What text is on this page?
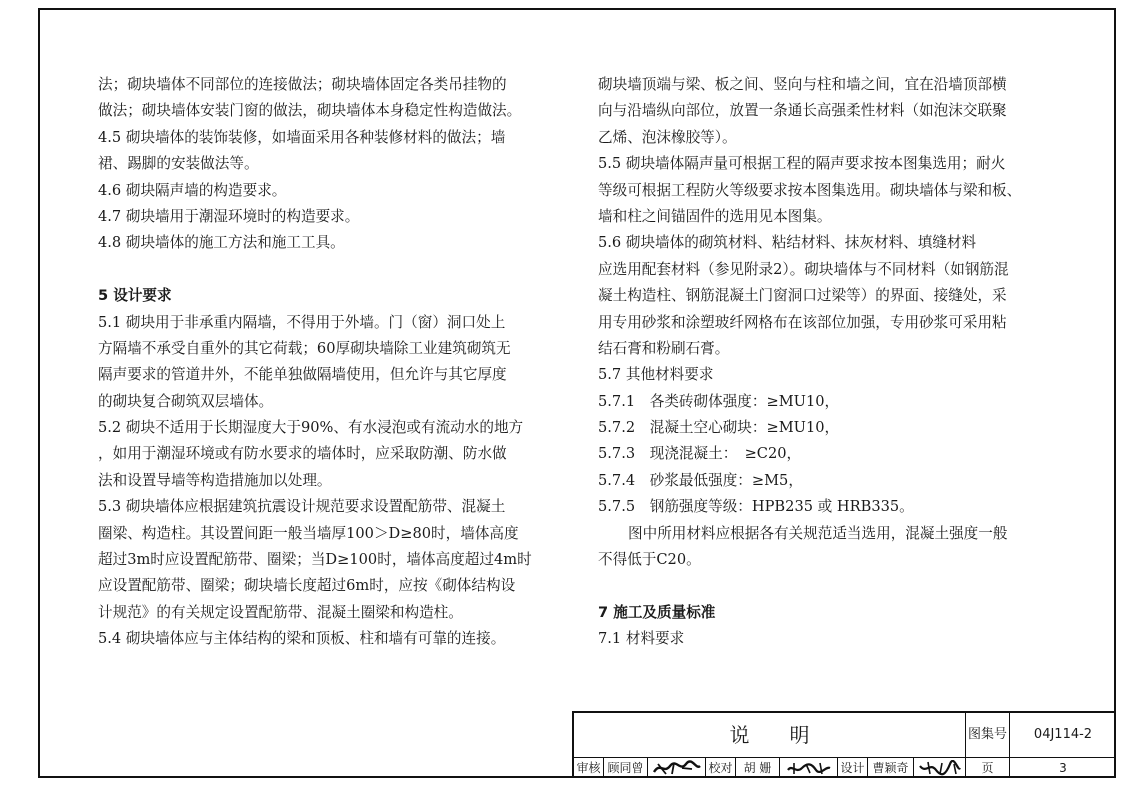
法；砌块墙体不同部位的连接做法；砌块墙体固定各类吊挂物的
做法；砌块墙体安装门窗的做法，砌块墙体本身稳定性构造做法。
4.5 砌块墙体的装饰装修，如墙面采用各种装修材料的做法；墙
裙、踢脚的安装做法等。
4.6 砌块隔声墙的构造要求。
4.7 砌块墙用于潮湿环境时的构造要求。
4.8 砌块墙体的施工方法和施工工具。
5 设计要求
5.1 砌块用于非承重内隔墙，不得用于外墙。门（窗）洞口处上
方隔墙不承受自重外的其它荷载；60厚砌块墙除工业建筑砌筑无
隔声要求的管道井外，不能单独做隔墙使用，但允许与其它厚度
的砌块复合砌筑双层墙体。
5.2 砌块不适用于长期湿度大于90%、有水浸泡或有流动水的地方
，如用于潮湿环境或有防水要求的墙体时，应采取防潮、防水做
法和设置导墙等构造措施加以处理。
5.3 砌块墙体应根据建筑抗震设计规范要求设置配筋带、混凝土
圈梁、构造柱。其设置间距一般当墙厚100＞D≥80时，墙体高度
超过3m时应设置配筋带、圈梁；当D≥100时，墙体高度超过4m时
应设置配筋带、圈梁；砌块墙长度超过6m时，应按《砌体结构设
计规范》的有关规定设置配筋带、混凝土圈梁和构造柱。
5.4 砌块墙体应与主体结构的梁和顶板、柱和墙有可靠的连接。
砌块墙顶端与梁、板之间、竖向与柱和墙之间，宜在沿墙顶部横
向与沿墙纵向部位，放置一条通长高强柔性材料（如泡沫交联聚
乙烯、泡沫橡胶等）。
5.5 砌块墙体隔声量可根据工程的隔声要求按本图集选用；耐火
等级可根据工程防火等级要求按本图集选用。砌块墙体与梁和板、
墙和柱之间锚固件的选用见本图集。
5.6 砌块墙体的砌筑材料、粘结材料、抹灰材料、填缝材料
应选用配套材料（参见附录2）。砌块墙体与不同材料（如钢筋混
凝土构造柱、钢筋混凝土门窗洞口过梁等）的界面、接缝处，采
用专用砂浆和涂塑玻纤网格布在该部位加强，专用砂浆可采用粘
结石膏和粉刷石膏。
5.7 其他材料要求
5.7.1　各类砖砌体强度：≥MU10，
5.7.2　混凝土空心砌块：≥MU10，
5.7.3　现浇混凝土：　≥C20，
5.7.4　砂浆最低强度：≥M5，
5.7.5　钢筋强度等级：HPB235 或 HRB335。
图中所用材料应根据各有关规范适当选用，混凝土强度一般
不得低于C20。
7 施工及质量标准
7.1 材料要求
说明	图集号	04J114-2
审核 顾同曾	校对 胡 姗	设计 曹颖奇	页	3
